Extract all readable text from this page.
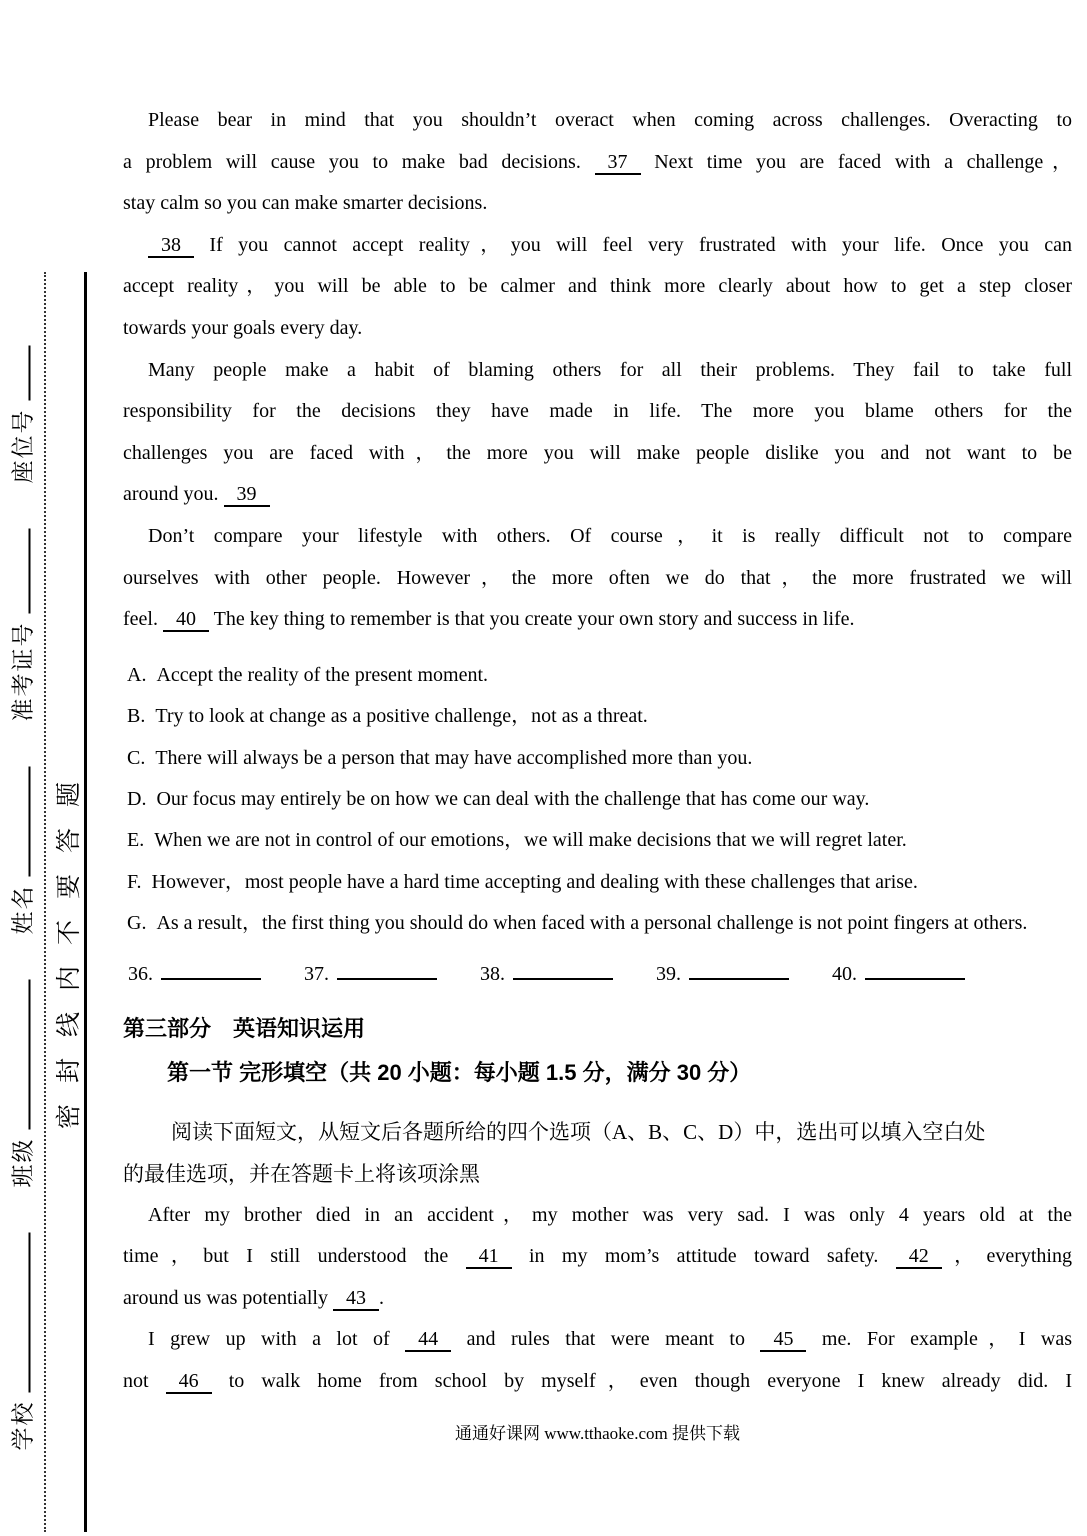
学校
班级
姓名
准考证号
座位号
密封线内不要答题
Please bear in mind that you shouldn’t overact when coming across challenges. Overacting to
a problem will cause you to make bad decisions. 37 Next time you are faced with a challenge，
stay calm so you can make smarter decisions.
38 If you cannot accept reality，you will feel very frustrated with your life. Once you can
accept reality，you will be able to be calmer and think more clearly about how to get a step closer
towards your goals every day.
Many people make a habit of blaming others for all their problems. They fail to take full
responsibility for the decisions they have made in life. The more you blame others for the
challenges you are faced with，the more you will make people dislike you and not want to be
around you. 39
Don’t compare your lifestyle with others. Of course，it is really difficult not to compare
ourselves with other people. However，the more often we do that，the more frustrated we will
feel. 40 The key thing to remember is that you create your own story and success in life.
A. Accept the reality of the present moment.
B. Try to look at change as a positive challenge，not as a threat.
C. There will always be a person that may have accomplished more than you.
D. Our focus may entirely be on how we can deal with the challenge that has come our way.
E. When we are not in control of our emotions，we will make decisions that we will regret later.
F. However，most people have a hard time accepting and dealing with these challenges that arise.
G. As a result，the first thing you should do when faced with a personal challenge is not point fingers at others.
36.	37.	38.	39.	40.
第三部分　英语知识运用
第一节 完形填空（共 20 小题：每小题 1.5 分，满分 30 分）
阅读下面短文，从短文后各题所给的四个选项（A、B、C、D）中，选出可以填入空白处
的最佳选项，并在答题卡上将该项涂黑
After my brother died in an accident，my mother was very sad. I was only 4 years old at the
time，but I still understood the 41 in my mom’s attitude toward safety. 42 ，everything
around us was potentially 43 .
I grew up with a lot of 44 and rules that were meant to 45 me. For example，I was
not 46 to walk home from school by myself，even though everyone I knew already did. I
通通好课网 www.tthaoke.com 提供下载
